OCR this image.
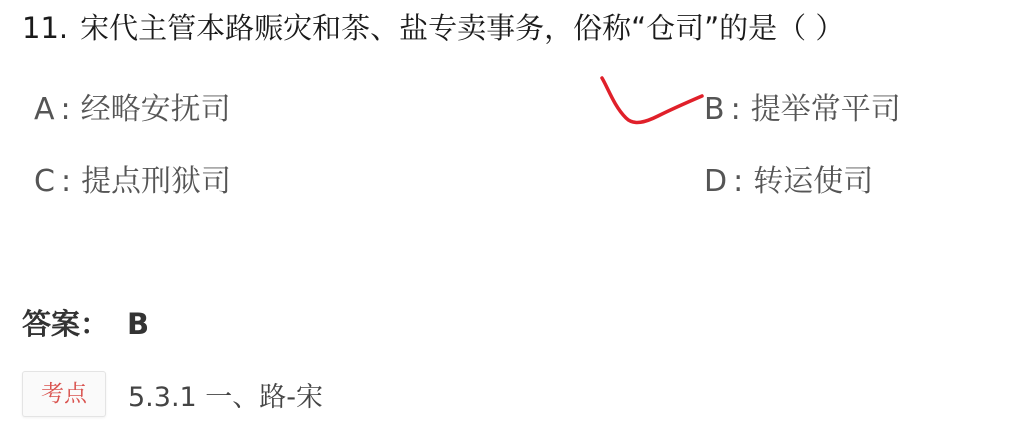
11. 宋代主管本路赈灾和茶、盐专卖事务，俗称“仓司”的是（ ）
A : 经略安抚司	B : 提举常平司
C : 提点刑狱司	D : 转运使司
答案： B
考点	5.3.1 一、路-宋
